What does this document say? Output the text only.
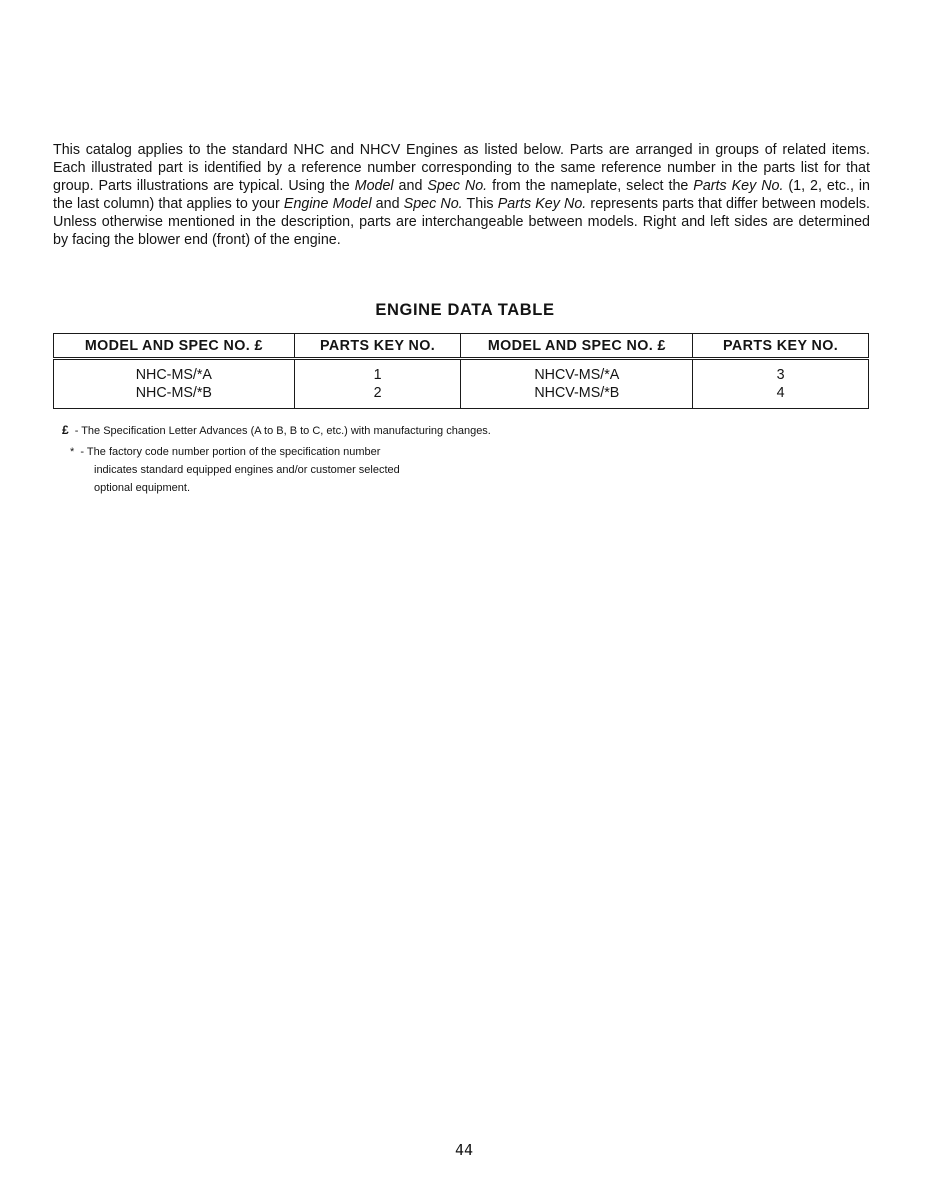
This catalog applies to the standard NHC and NHCV Engines as listed below. Parts are arranged in groups of related items. Each illustrated part is identified by a reference number corresponding to the same reference number in the parts list for that group. Parts illustrations are typical. Using the Model and Spec No. from the nameplate, select the Parts Key No. (1, 2, etc., in the last column) that applies to your Engine Model and Spec No. This Parts Key No. represents parts that differ between models. Unless otherwise mentioned in the description, parts are interchangeable between models. Right and left sides are determined by facing the blower end (front) of the engine.

ENGINE DATA TABLE
MODEL AND SPEC NO. £	PARTS KEY NO.	MODEL AND SPEC NO. £	PARTS KEY NO.
NHC-MS/*A	1	NHCV-MS/*A	3
NHC-MS/*B	2	NHCV-MS/*B	4

£ - The Specification Letter Advances (A to B, B to C, etc.) with manufacturing changes.

* - The factory code number portion of the specification number
indicates standard equipped engines and/or customer selected
optional equipment.

44
